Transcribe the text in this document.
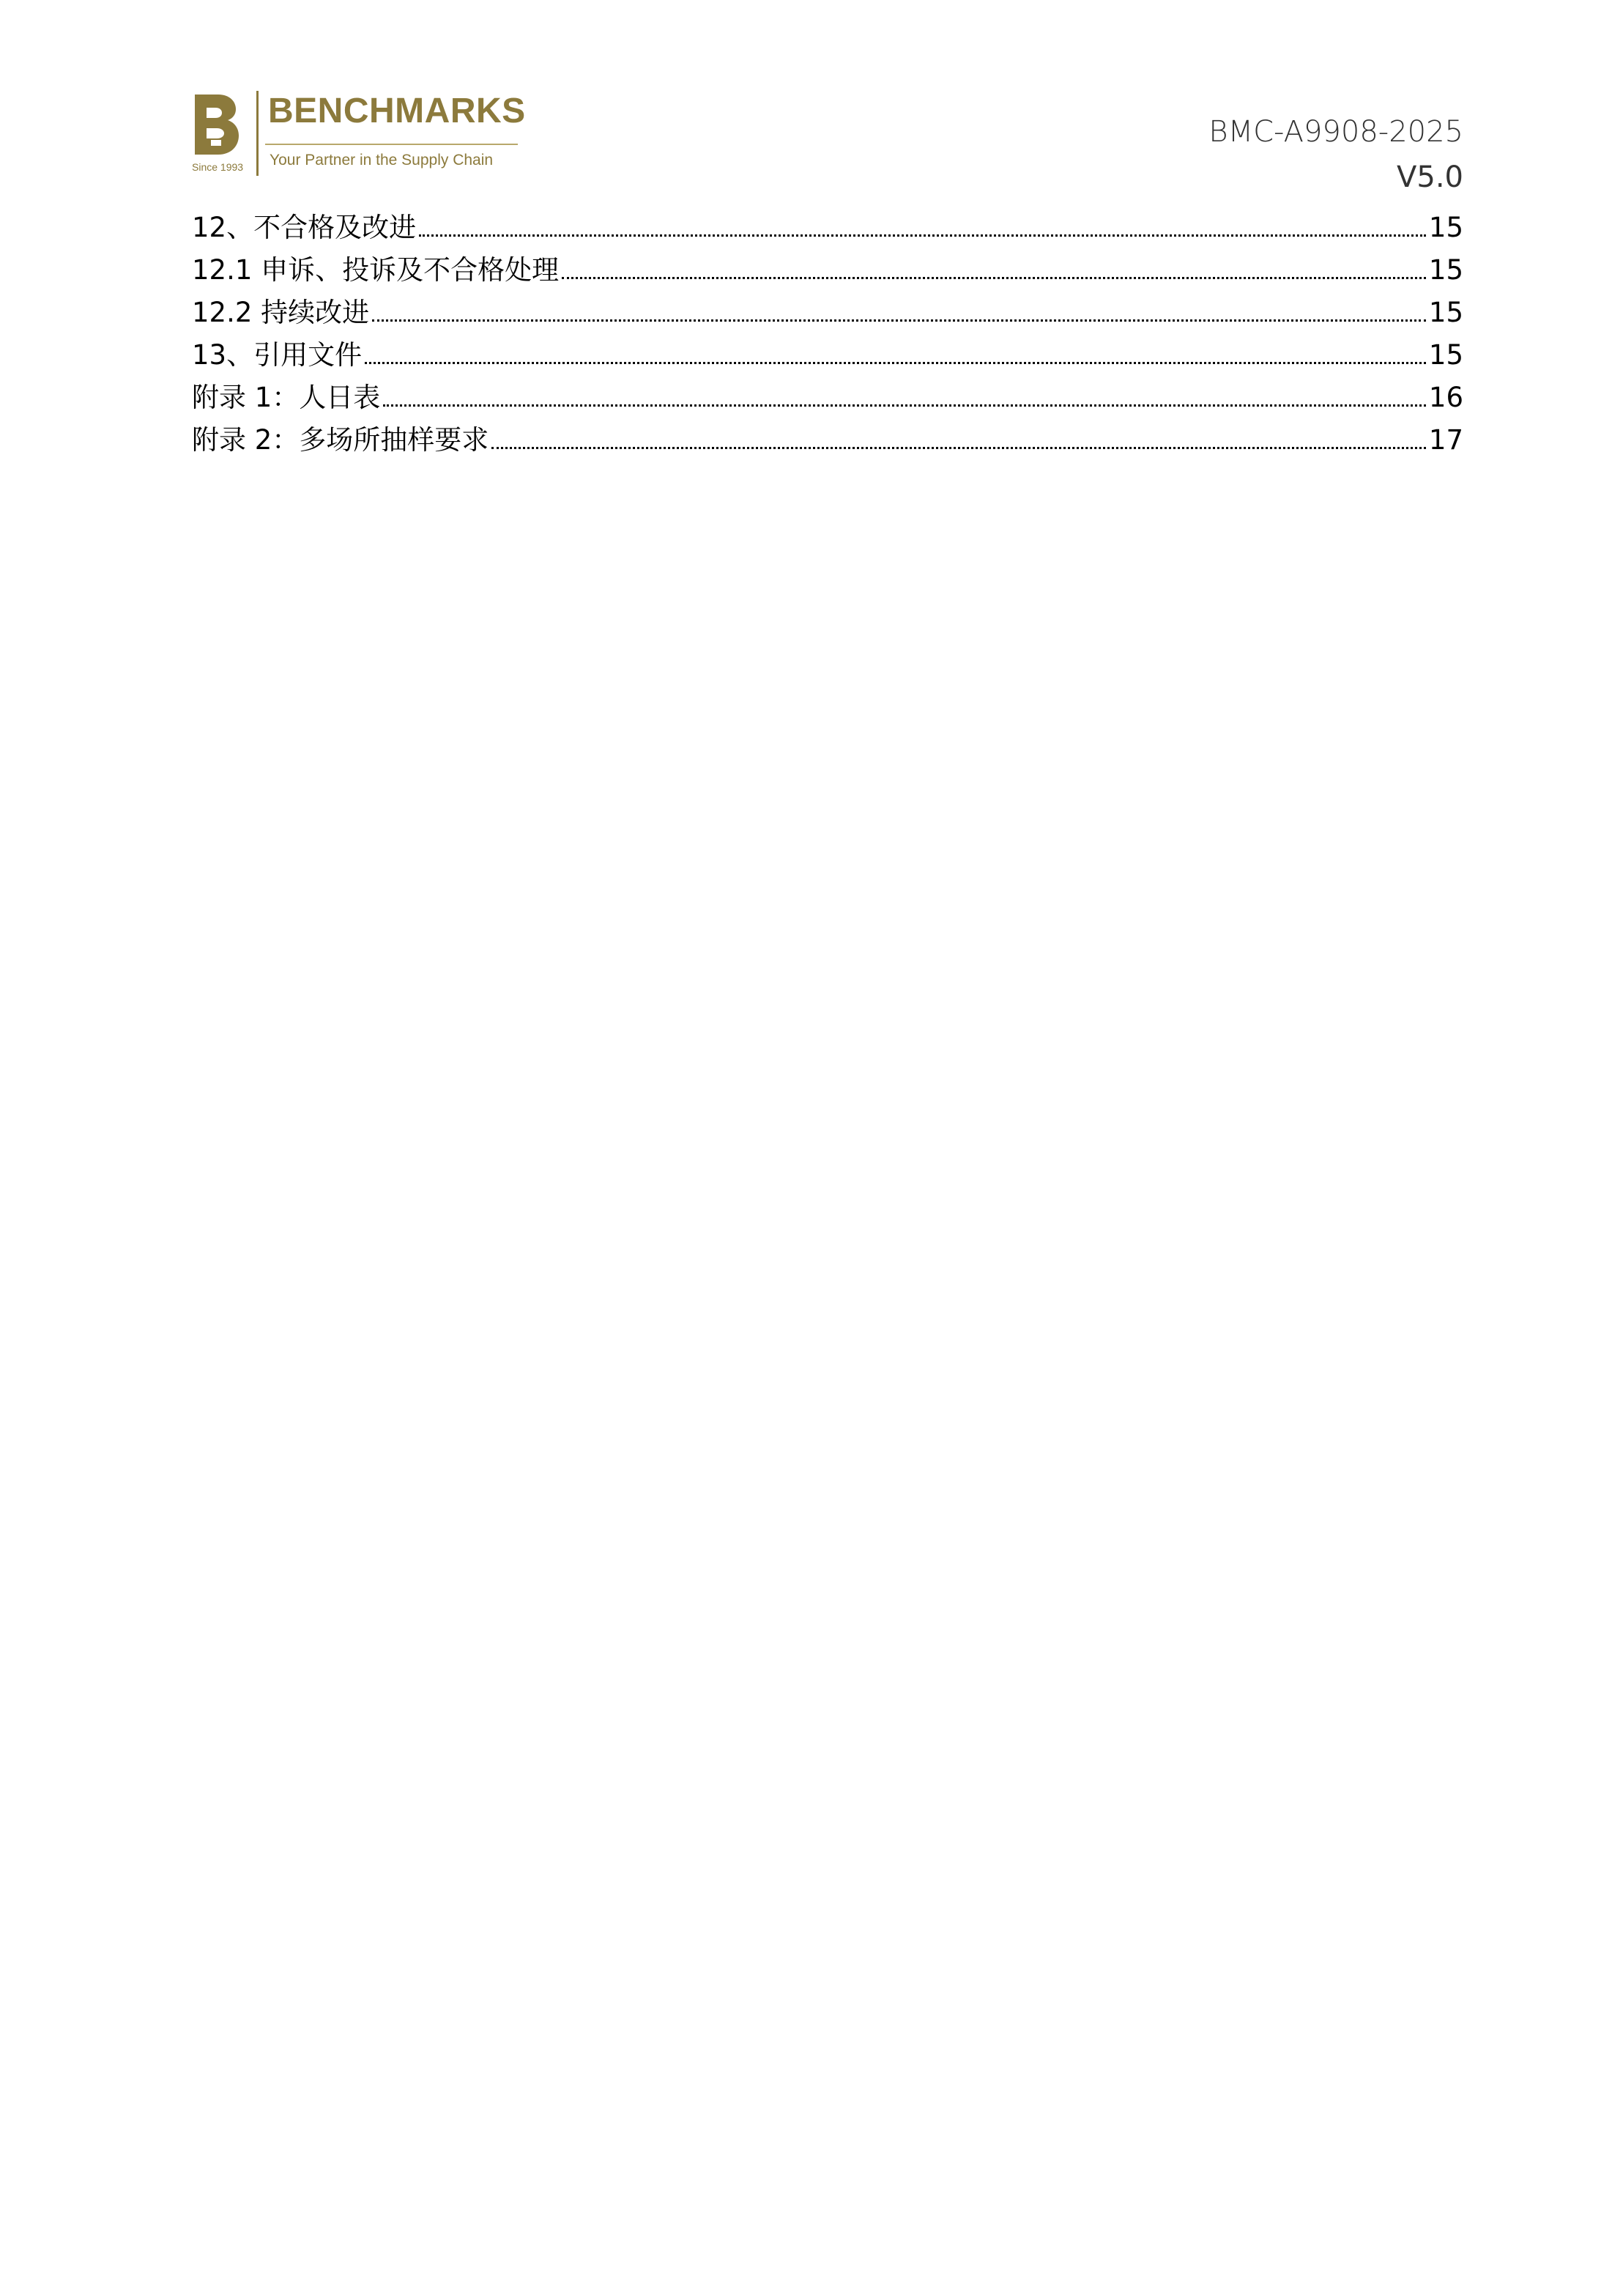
Since 1993
BENCHMARKS
Your Partner in the Supply Chain
BMC-A9908-2025
V5.0
12、不合格及改进	15
12.1 申诉、投诉及不合格处理	15
12.2 持续改进	15
13、引用文件	15
附录 1：人日表	16
附录 2：多场所抽样要求	17
